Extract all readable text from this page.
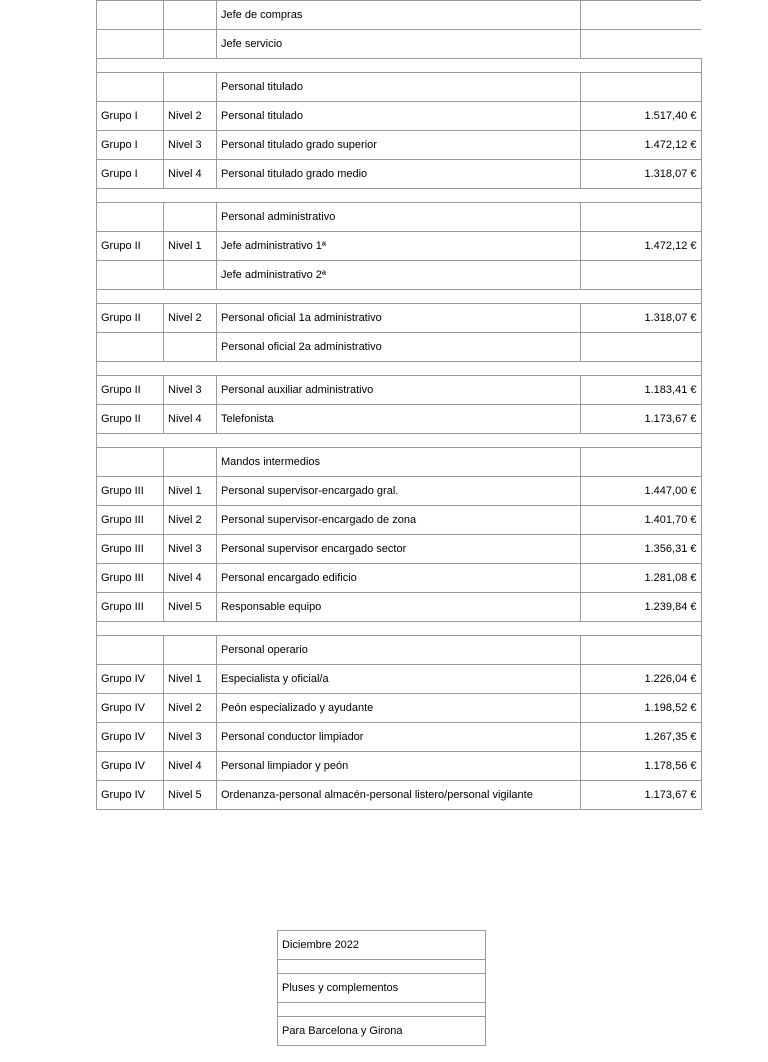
		Jefe de compras	
		Jefe servicio	

		Personal titulado	
Grupo I	Nivel 2	Personal titulado	1.517,40 €
Grupo I	Nivel 3	Personal titulado grado superior	1.472,12 €
Grupo I	Nivel 4	Personal titulado grado medio	1.318,07 €

		Personal administrativo	
Grupo II	Nivel 1	Jefe administrativo 1ª	1.472,12 €
		Jefe administrativo 2ª	

Grupo II	Nivel 2	Personal oficial 1a administrativo	1.318,07 €
		Personal oficial 2a administrativo	

Grupo II	Nivel 3	Personal auxiliar administrativo	1.183,41 €
Grupo II	Nivel 4	Telefonista	1.173,67 €

		Mandos intermedios	
Grupo III	Nivel 1	Personal supervisor-encargado gral.	1.447,00 €
Grupo III	Nivel 2	Personal supervisor-encargado de zona	1.401,70 €
Grupo III	Nivel 3	Personal supervisor encargado sector	1.356,31 €
Grupo III	Nivel 4	Personal encargado edificio	1.281,08 €
Grupo III	Nivel 5	Responsable equipo	1.239,84 €

		Personal operario	
Grupo IV	Nivel 1	Especialista y oficial/a	1.226,04 €
Grupo IV	Nivel 2	Peón especializado y ayudante	1.198,52 €
Grupo IV	Nivel 3	Personal conductor limpiador	1.267,35 €
Grupo IV	Nivel 4	Personal limpiador y peón	1.178,56 €
Grupo IV	Nivel 5	Ordenanza-personal almacén-personal listero/personal vigilante	1.173,67 €
Diciembre 2022

Pluses y complementos

Para Barcelona y Girona
